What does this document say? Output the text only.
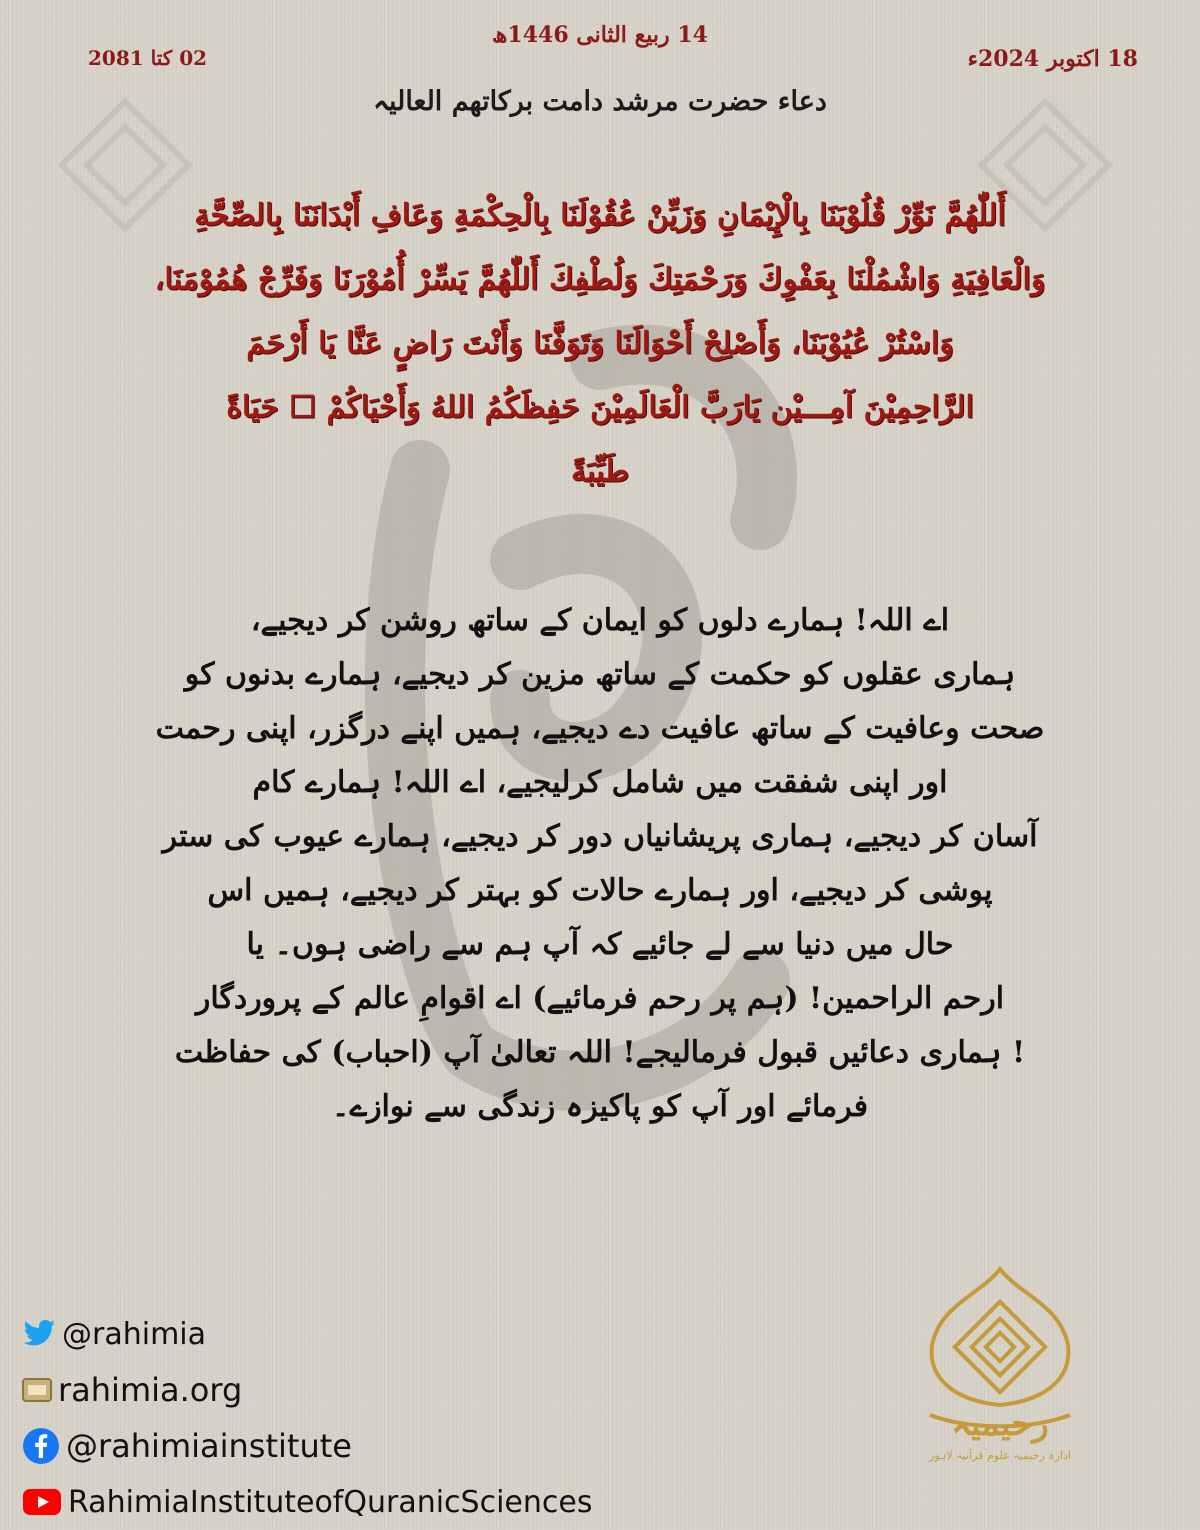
14 ربیع الثانی 1446ھ
18 اکتوبر 2024ء
02 کتا 2081
دعاء حضرت مرشد دامت برکاتھم العالیہ
أَللّٰهُمَّ نَوِّرْ قُلُوْبَنَا بِالْإِيْمَانِ وَزَيِّنْ عُقُوْلَنَا بِالْحِكْمَةِ وَعَافِ أَبْدَانَنَا بِالصِّحَّةِ
وَالْعَافِيَةِ وَاشْمُلْنَا بِعَفْوِكَ وَرَحْمَتِكَ وَلُطْفِكَ أَللّٰهُمَّ يَسِّرْ أُمُوْرَنَا وَفَرِّجْ هُمُوْمَنَا،
وَاسْتُرْ عُيُوْبَنَا، وَأَصْلِحْ أَحْوَالَنَا وَتَوَفَّنَا وَأَنْتَ رَاضٍ عَنَّا يَا أَرْحَمَ
الرَّاحِمِيْنَ آمِـــيْن يَارَبَّ الْعَالَمِيْنَ حَفِظَكُمُ اللهُ وَأَحْيَاكُمْ ☐ حَيَاةً
طَيِّبَةً
اے اللہ! ہمارے دلوں کو ایمان کے ساتھ روشن کر دیجیے،
ہماری عقلوں کو حکمت کے ساتھ مزین کر دیجیے، ہمارے بدنوں کو
صحت وعافیت کے ساتھ عافیت دے دیجیے، ہمیں اپنے درگزر، اپنی رحمت
اور اپنی شفقت میں شامل کرلیجیے، اے اللہ! ہمارے کام
آسان کر دیجیے، ہماری پریشانیاں دور کر دیجیے، ہمارے عیوب کی ستر
پوشی کر دیجیے، اور ہمارے حالات کو بہتر کر دیجیے، ہمیں اس
حال میں دنیا سے لے جائیے کہ آپ ہم سے راضی ہوں۔ یا
ارحم الراحمین! (ہم پر رحم فرمائیے) اے اقوامِ عالم کے پروردگار
! ہماری دعائیں قبول فرمالیجے! اللہ تعالیٰ آپ (احباب) کی حفاظت
فرمائے اور آپ کو پاکیزہ زندگی سے نوازے۔
@rahimia
rahimia.org
@rahimiainstitute
RahimiaInstituteofQuranicSciences
رحیمیہ
ادارہ رحیمیہ علوم قرآنیہ لاہور
